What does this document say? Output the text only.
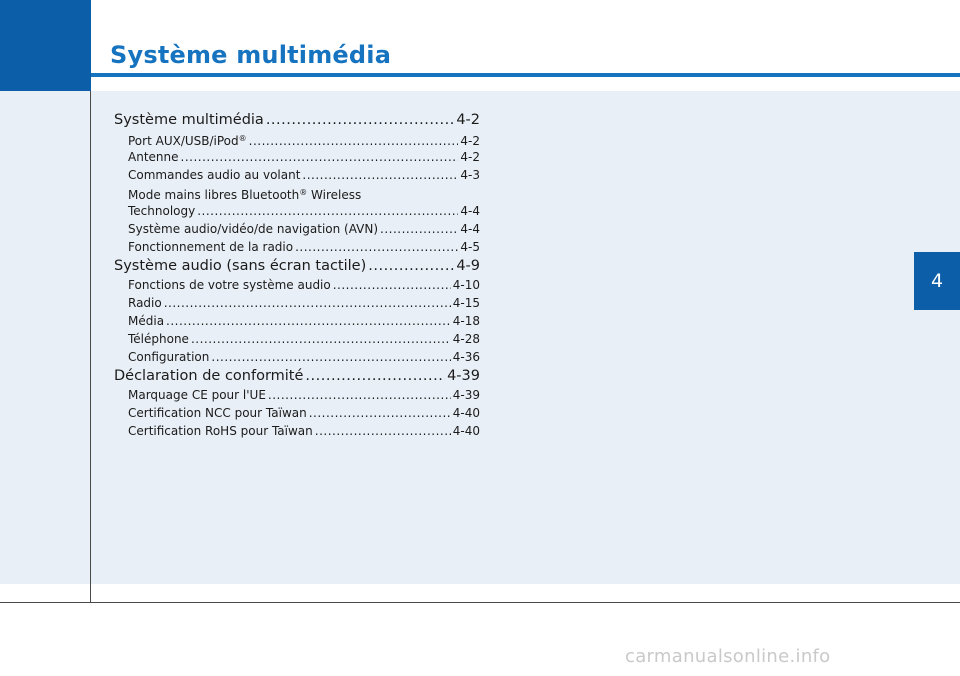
Système multimédia
4
Système multimédia .....	4-2
Port AUX/USB/iPod® .....	4-2
Antenne .....	4-2
Commandes audio au volant .....	4-3
Mode mains libres Bluetooth® Wireless
Technology .....	4-4
Système audio/vidéo/de navigation (AVN) .....	4-4
Fonctionnement de la radio .....	4-5
Système audio (sans écran tactile) .....	4-9
Fonctions de votre système audio .....	4-10
Radio .....	4-15
Média .....	4-18
Téléphone .....	4-28
Configuration .....	4-36
Déclaration de conformité .....	4-39
Marquage CE pour l'UE .....	4-39
Certification NCC pour Taïwan .....	4-40
Certification RoHS pour Taïwan .....	4-40
carmanualsonline.info
